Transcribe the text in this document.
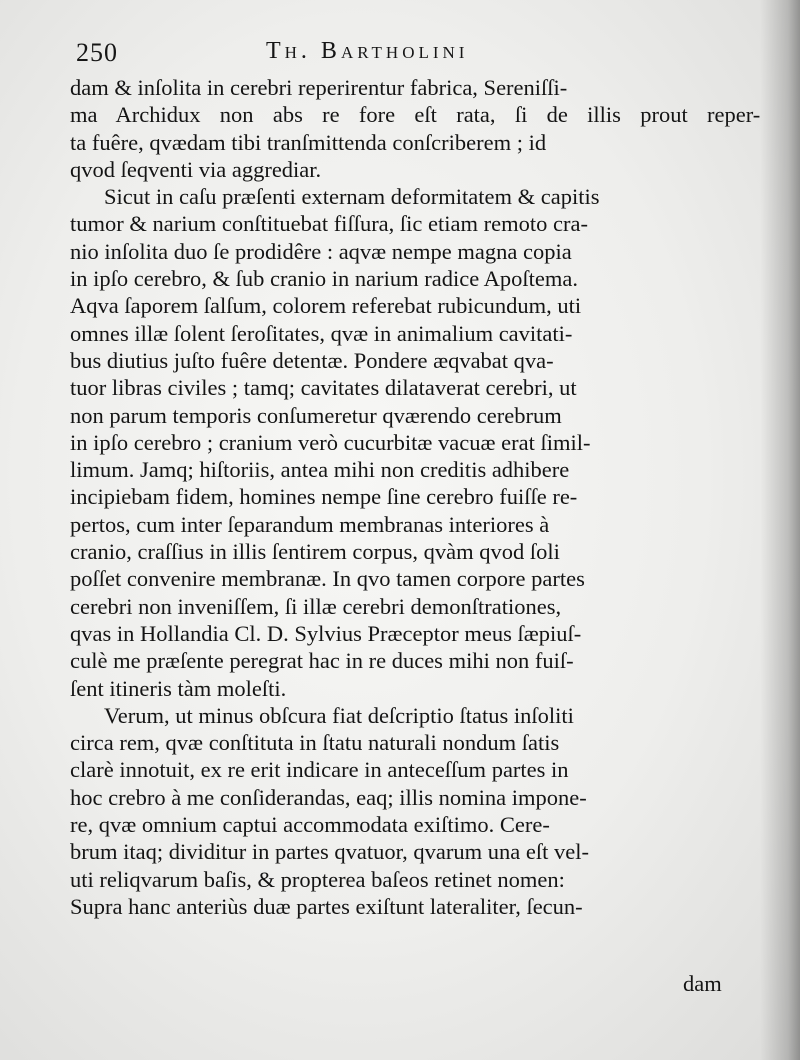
250	Th. Bartholini
dam & inſolita in cerebri reperirentur fabrica, Sereniſſi-
ma Archidux non abs re fore eſt rata, ſi de illis prout reper-
ta fuêre, qvædam tibi tranſmittenda conſcriberem ; id
qvod ſeqventi via aggrediar.
Sicut in caſu præſenti externam deformitatem & capitis
tumor & narium conſtituebat fiſſura, ſic etiam remoto cra-
nio inſolita duo ſe prodidêre : aqvæ nempe magna copia
in ipſo cerebro, & ſub cranio in narium radice Apoſtema.
Aqva ſaporem ſalſum, colorem referebat rubicundum, uti
omnes illæ ſolent ſeroſitates, qvæ in animalium cavitati-
bus diutius juſto fuêre detentæ. Pondere æqvabat qva-
tuor libras civiles ; tamq; cavitates dilataverat cerebri, ut
non parum temporis conſumeretur qværendo cerebrum
in ipſo cerebro ; cranium verò cucurbitæ vacuæ erat ſimil-
limum. Jamq; hiſtoriis, antea mihi non creditis adhibere
incipiebam fidem, homines nempe ſine cerebro fuiſſe re-
pertos, cum inter ſeparandum membranas interiores à
cranio, craſſius in illis ſentirem corpus, qvàm qvod ſoli
poſſet convenire membranæ. In qvo tamen corpore partes
cerebri non inveniſſem, ſi illæ cerebri demonſtrationes,
qvas in Hollandia Cl. D. Sylvius Præceptor meus ſæpiuſ-
culè me præſente peregrat hac in re duces mihi non fuiſ-
ſent itineris tàm moleſti.
Verum, ut minus obſcura fiat deſcriptio ſtatus inſoliti
circa rem, qvæ conſtituta in ſtatu naturali nondum ſatis
clarè innotuit, ex re erit indicare in anteceſſum partes in
hoc crebro à me conſiderandas, eaq; illis nomina impone-
re, qvæ omnium captui accommodata exiſtimo. Cere-
brum itaq; dividitur in partes qvatuor, qvarum una eſt vel-
uti reliqvarum baſis, & propterea baſeos retinet nomen:
Supra hanc anteriùs duæ partes exiſtunt lateraliter, ſecun-
dam
